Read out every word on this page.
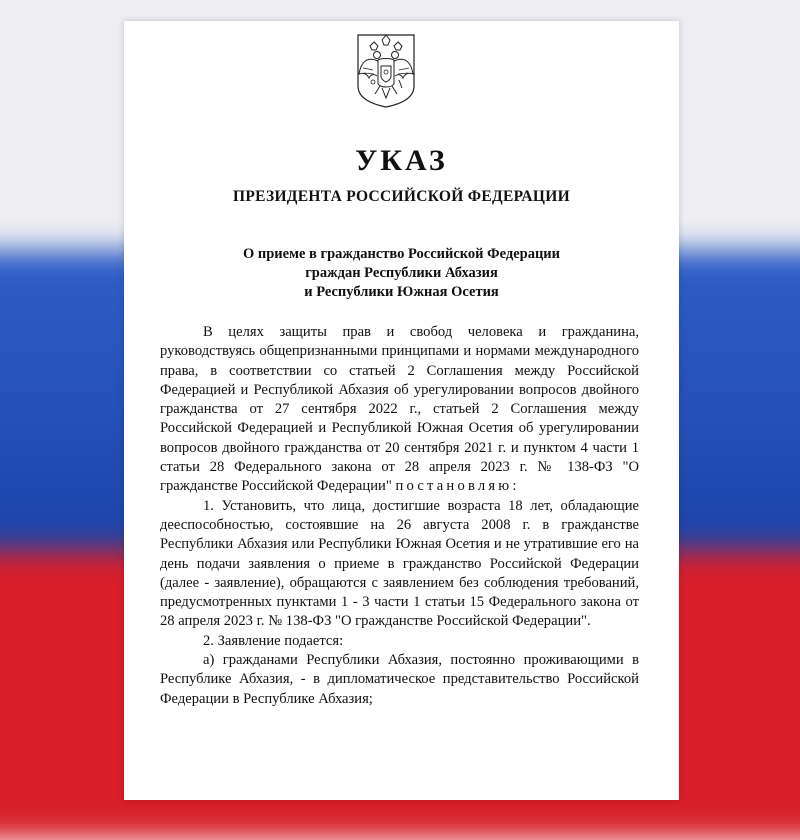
УКАЗ
ПРЕЗИДЕНТА РОССИЙСКОЙ ФЕДЕРАЦИИ
О приеме в гражданство Российской Федерации
граждан Республики Абхазия
и Республики Южная Осетия

В целях защиты прав и свобод человека и гражданина, руководствуясь общепризнанными принципами и нормами международного права, в соответствии со статьей 2 Соглашения между Российской Федерацией и Республикой Абхазия об урегулировании вопросов двойного гражданства от 27 сентября 2022 г., статьей 2 Соглашения между Российской Федерацией и Республикой Южная Осетия об урегулировании вопросов двойного гражданства от 20 сентября 2021 г. и пунктом 4 части 1 статьи 28 Федерального закона от 28 апреля 2023 г. № 138-ФЗ "О гражданстве Российской Федерации" постановляю:

1. Установить, что лица, достигшие возраста 18 лет, обладающие дееспособностью, состоявшие на 26 августа 2008 г. в гражданстве Республики Абхазия или Республики Южная Осетия и не утратившие его на день подачи заявления о приеме в гражданство Российской Федерации (далее - заявление), обращаются с заявлением без соблюдения требований, предусмотренных пунктами 1 - 3 части 1 статьи 15 Федерального закона от 28 апреля 2023 г. № 138-ФЗ "О гражданстве Российской Федерации".

2. Заявление подается:

а) гражданами Республики Абхазия, постоянно проживающими в Республике Абхазия, - в дипломатическое представительство Российской Федерации в Республике Абхазия;
